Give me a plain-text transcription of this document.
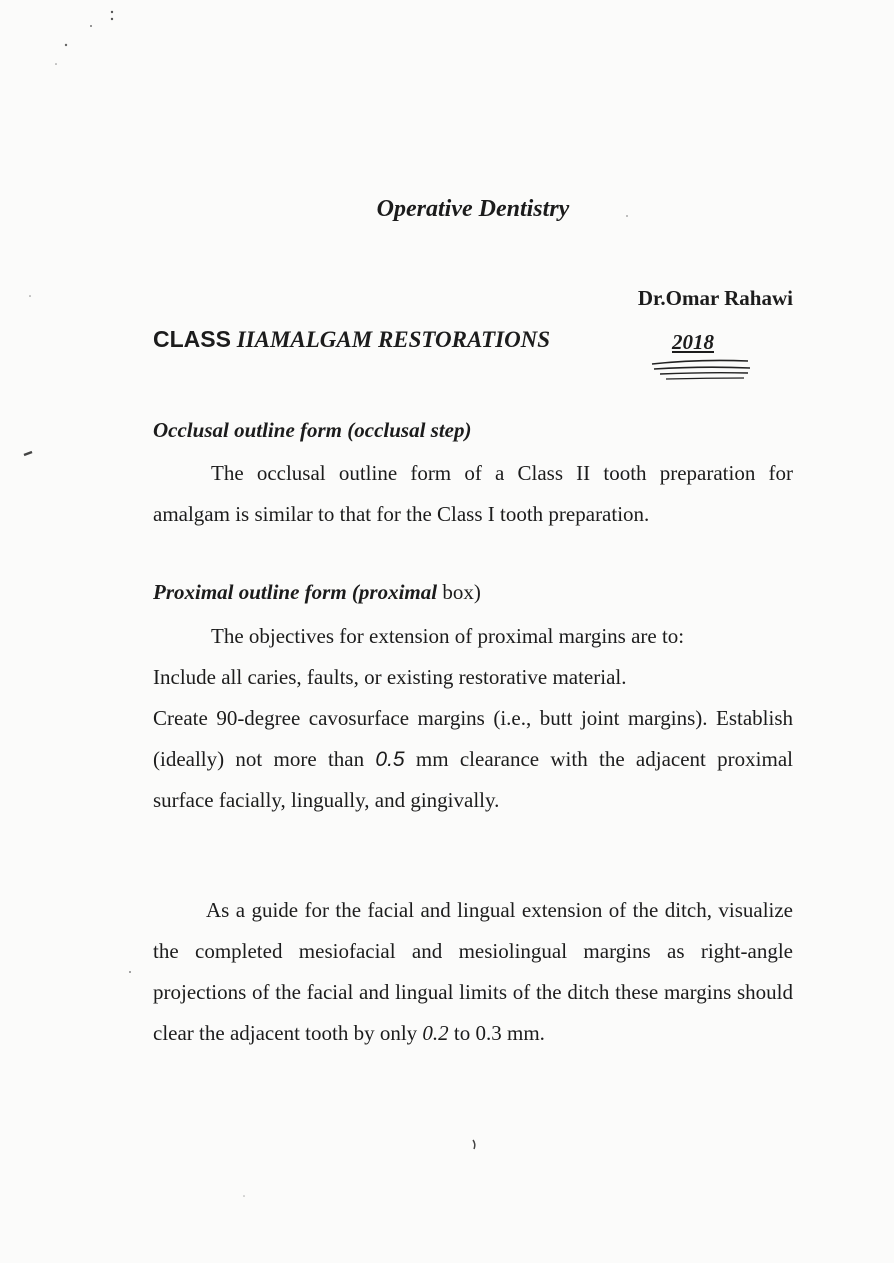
Operative Dentistry
Dr.Omar Rahawi
CLASS IIAMALGAM RESTORATIONS	2018
Occlusal outline form (occlusal step)
The occlusal outline form of a Class II tooth preparation for amalgam is similar to that for the Class I tooth preparation.
Proximal outline form (proximal box)
The objectives for extension of proximal margins are to:
Include all caries, faults, or existing restorative material.
Create 90-degree cavosurface margins (i.e., butt joint margins). Establish (ideally) not more than 0.5 mm clearance with the adjacent proximal surface facially, lingually, and gingivally.
As a guide for the facial and lingual extension of the ditch, visualize the completed mesiofacial and mesiolingual margins as right-angle projections of the facial and lingual limits of the ditch these margins should clear the adjacent tooth by only 0.2 to 0.3 mm.
